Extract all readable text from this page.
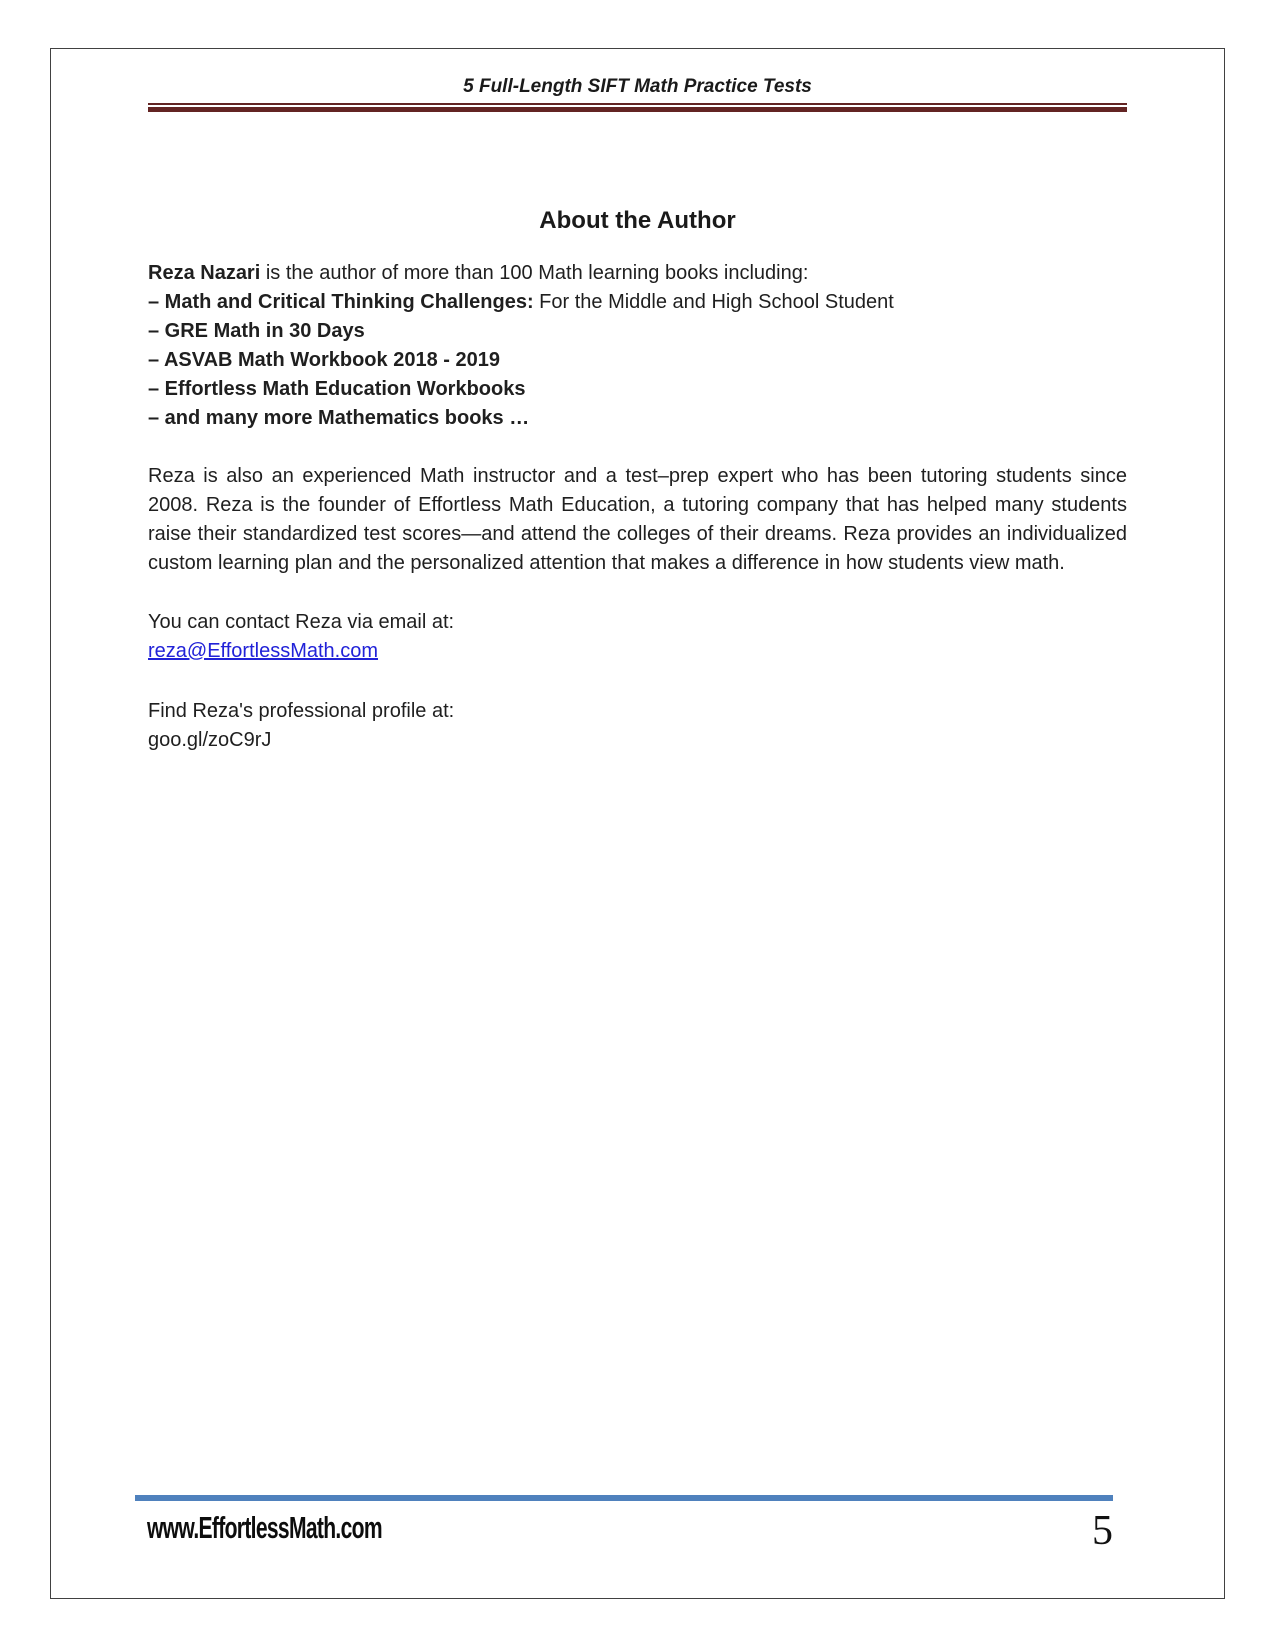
5 Full-Length SIFT Math Practice Tests
About the Author

Reza Nazari is the author of more than 100 Math learning books including:

– Math and Critical Thinking Challenges: For the Middle and High School Student

– GRE Math in 30 Days

– ASVAB Math Workbook 2018 - 2019

– Effortless Math Education Workbooks

– and many more Mathematics books …

Reza is also an experienced Math instructor and a test–prep expert who has been tutoring students since 2008. Reza is the founder of Effortless Math Education, a tutoring company that has helped many students raise their standardized test scores—and attend the colleges of their dreams. Reza provides an individualized custom learning plan and the personalized attention that makes a difference in how students view math.

You can contact Reza via email at:

reza@EffortlessMath.com

Find Reza's professional profile at:

goo.gl/zoC9rJ

www.EffortlessMath.com	5
